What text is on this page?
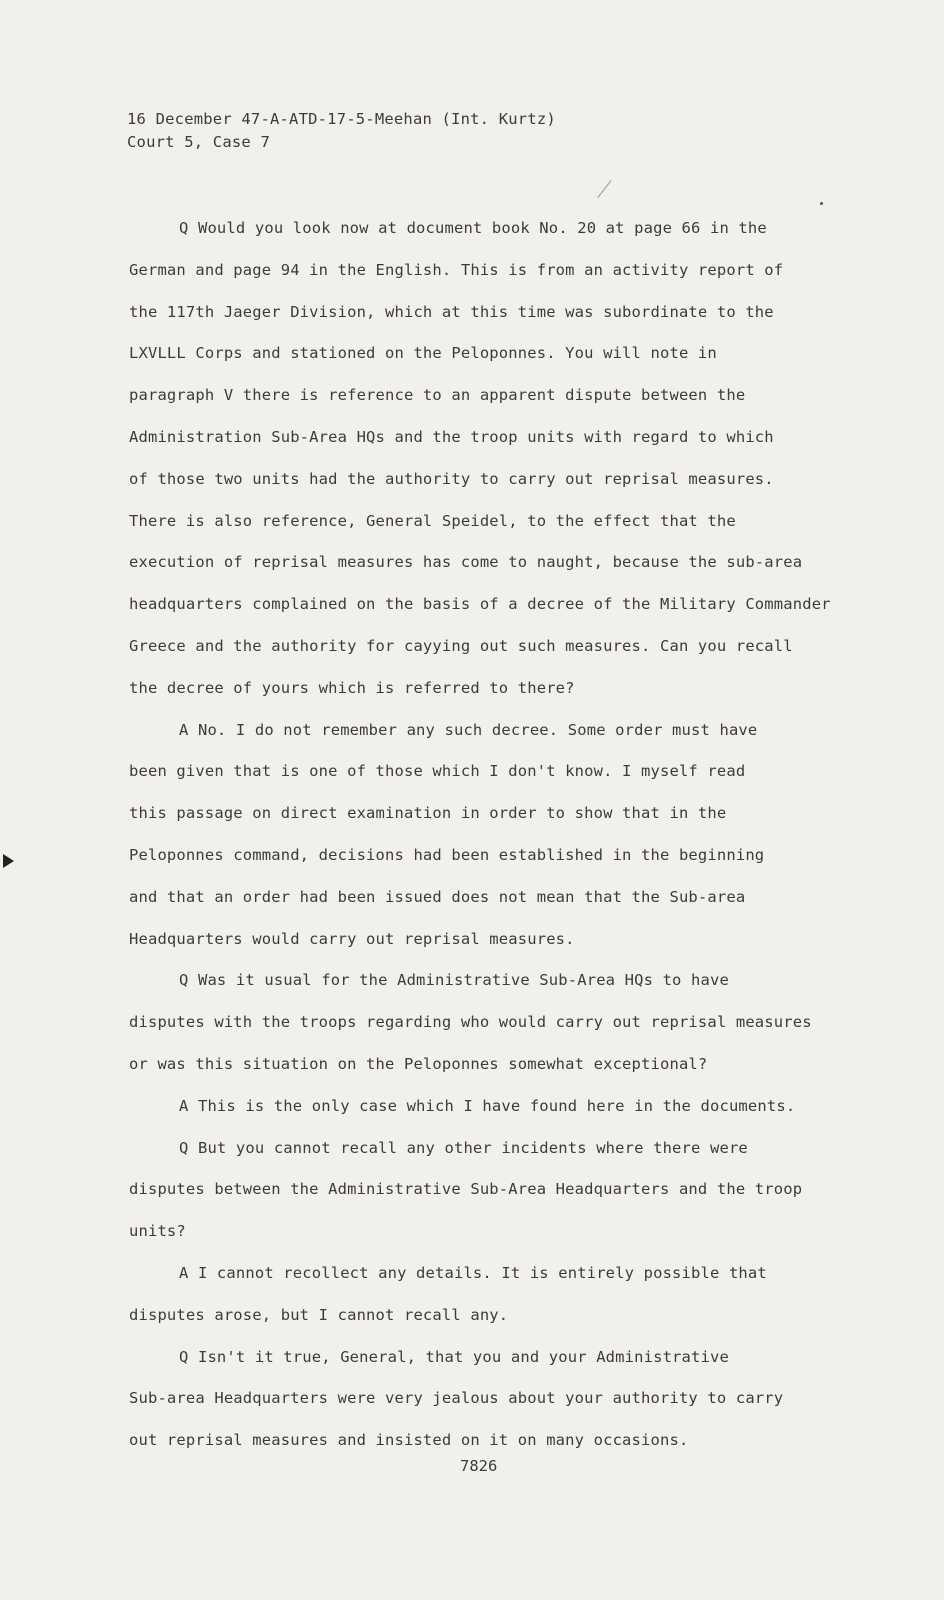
16 December 47-A-ATD-17-5-Meehan (Int. Kurtz)
Court 5, Case 7
Q Would you look now at document book No. 20 at page 66 in the
German and page 94 in the English. This is from an activity report of
the 117th Jaeger Division, which at this time was subordinate to the
LXVLLL Corps and stationed on the Peloponnes. You will note in
paragraph V there is reference to an apparent dispute between the
Administration Sub-Area HQs and the troop units with regard to which
of those two units had the authority to carry out reprisal measures.
There is also reference, General Speidel, to the effect that the
execution of reprisal measures has come to naught, because the sub-area
headquarters complained on the basis of a decree of the Military Commander
Greece and the authority for cayying out such measures. Can you recall
the decree of yours which is referred to there?
A No. I do not remember any such decree. Some order must have
been given that is one of those which I don't know. I myself read
this passage on direct examination in order to show that in the
Peloponnes command, decisions had been established in the beginning
and that an order had been issued does not mean that the Sub-area
Headquarters would carry out reprisal measures.
Q Was it usual for the Administrative Sub-Area HQs to have
disputes with the troops regarding who would carry out reprisal measures
or was this situation on the Peloponnes somewhat exceptional?
A This is the only case which I have found here in the documents.
Q But you cannot recall any other incidents where there were
disputes between the Administrative Sub-Area Headquarters and the troop
units?
A I cannot recollect any details. It is entirely possible that
disputes arose, but I cannot recall any.
Q Isn't it true, General, that you and your Administrative
Sub-area Headquarters were very jealous about your authority to carry
out reprisal measures and insisted on it on many occasions.
7826
